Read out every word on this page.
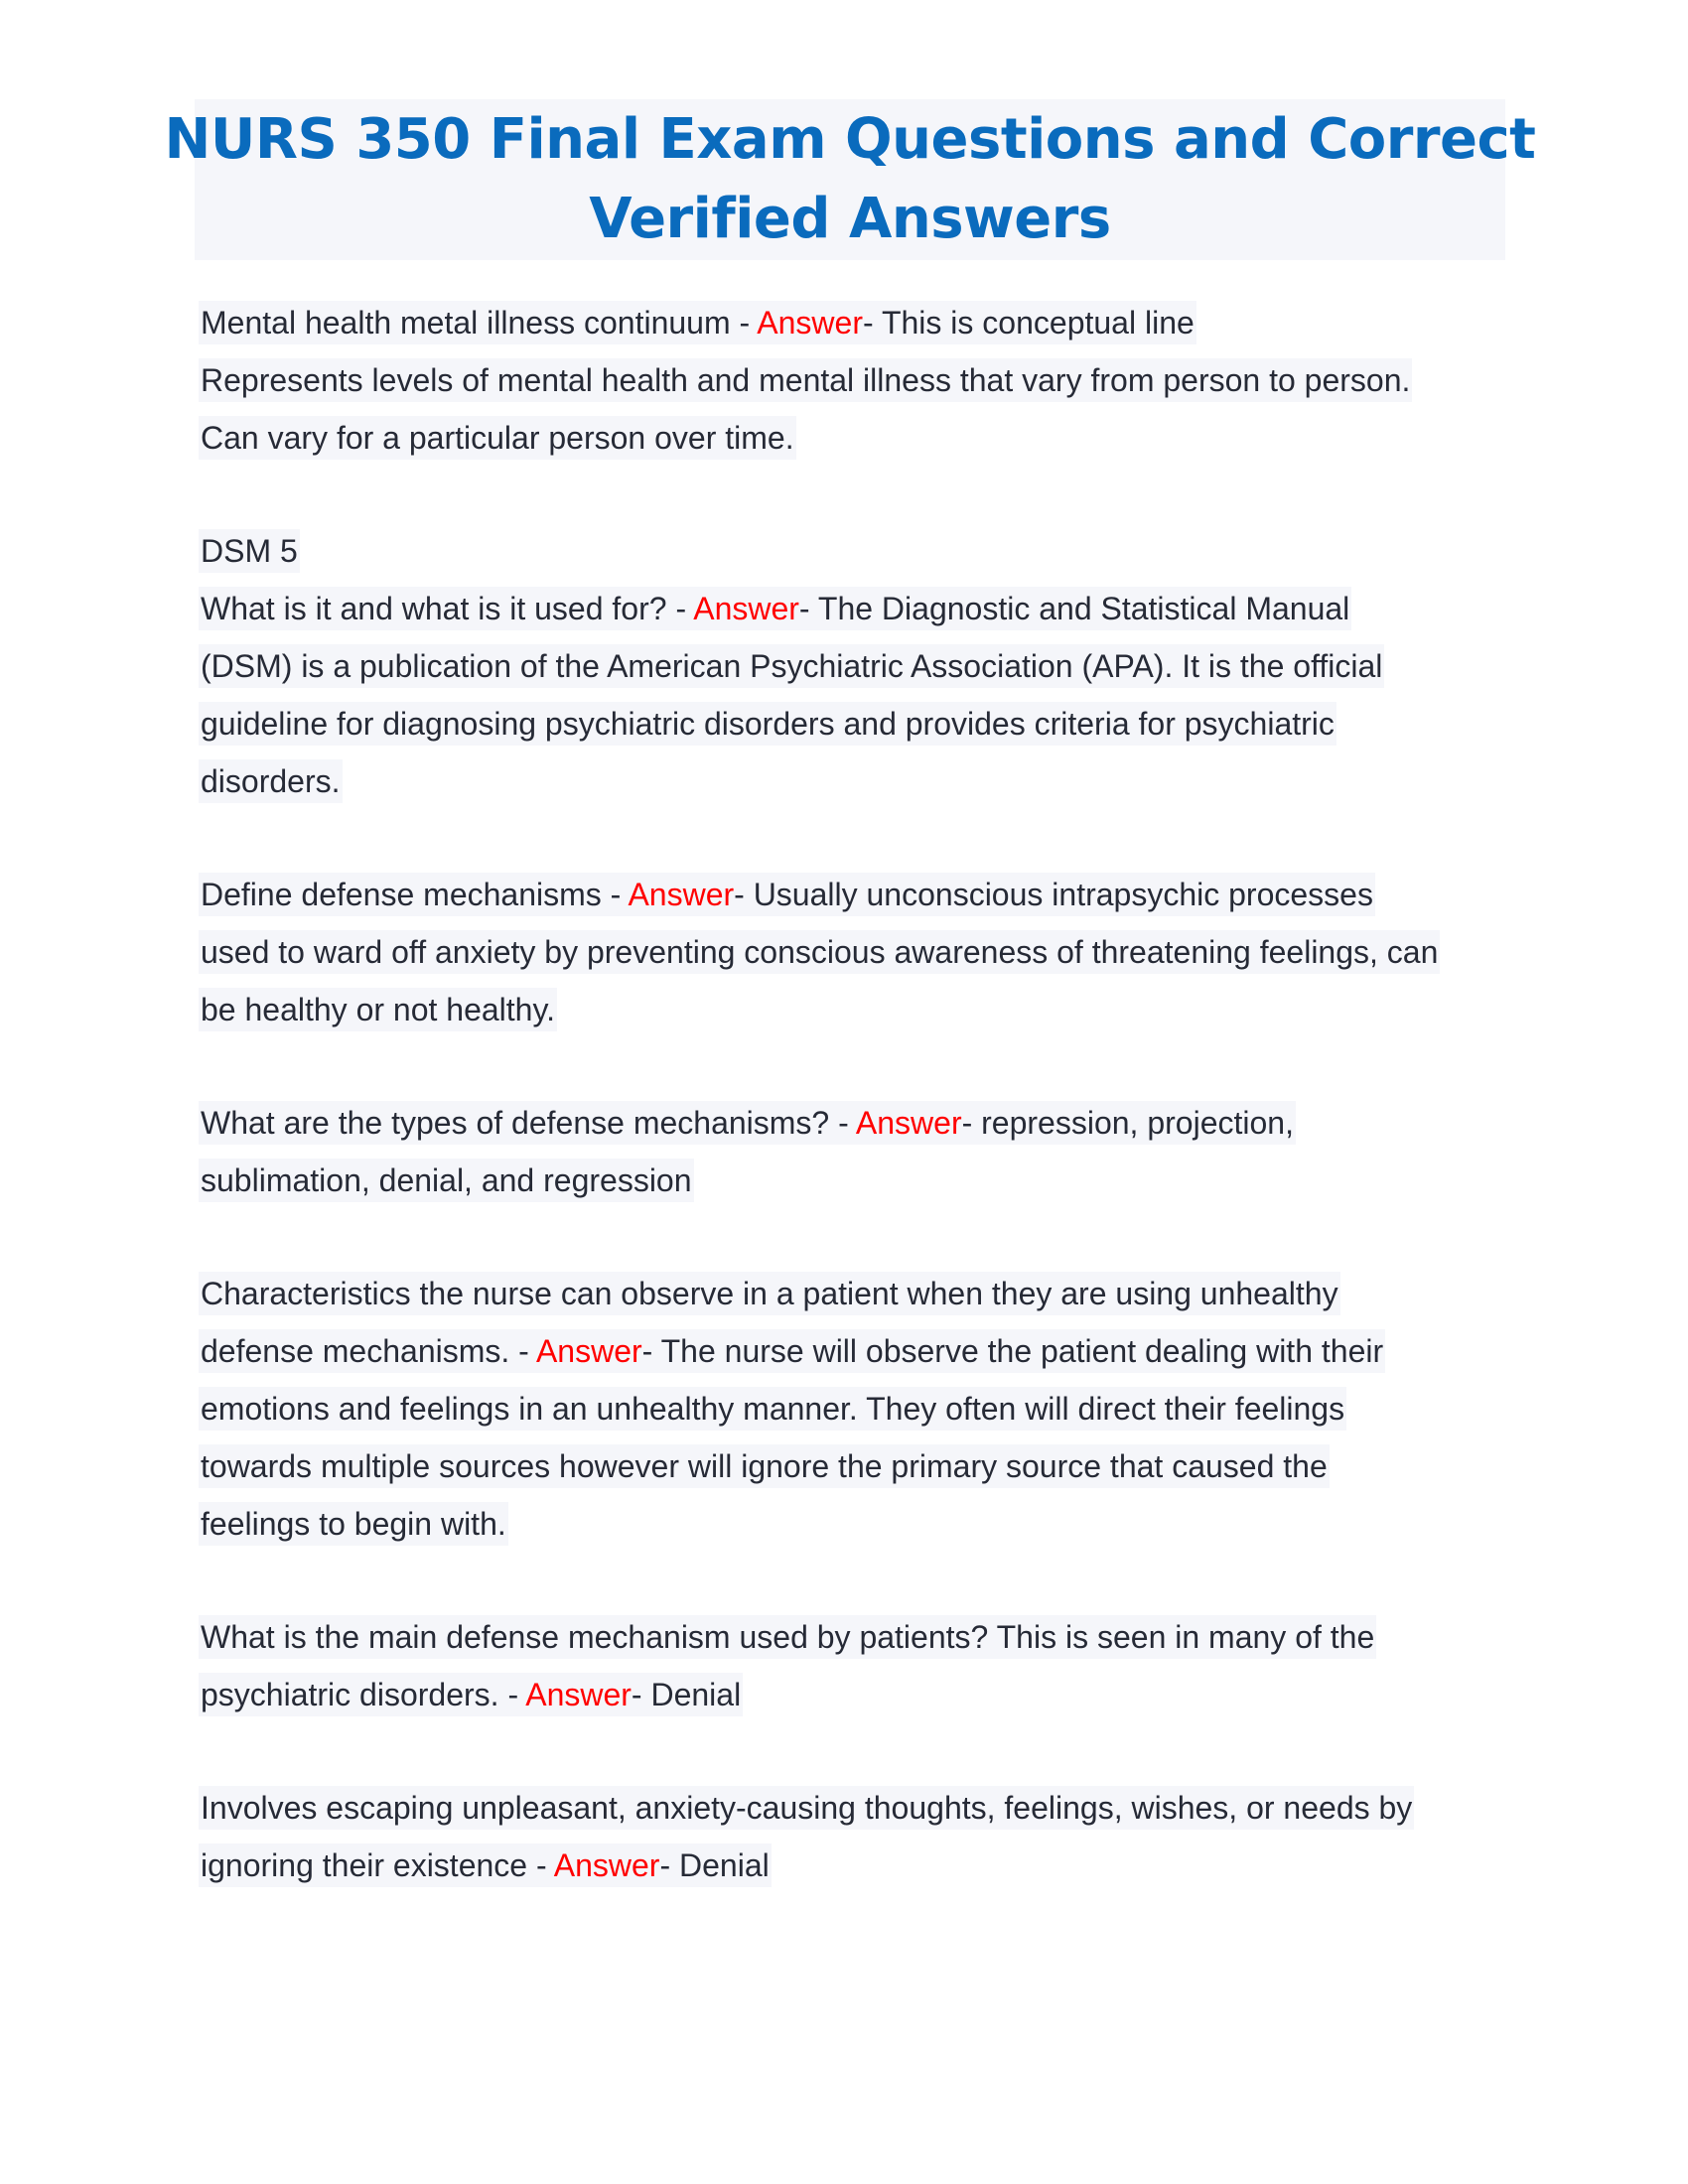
NURS 350 Final Exam Questions and Correct
Verified Answers
Mental health metal illness continuum - Answer- This is conceptual line
Represents levels of mental health and mental illness that vary from person to person.
Can vary for a particular person over time.
DSM 5
What is it and what is it used for? - Answer- The Diagnostic and Statistical Manual
(DSM) is a publication of the American Psychiatric Association (APA). It is the official
guideline for diagnosing psychiatric disorders and provides criteria for psychiatric
disorders.
Define defense mechanisms - Answer- Usually unconscious intrapsychic processes
used to ward off anxiety by preventing conscious awareness of threatening feelings, can
be healthy or not healthy.
What are the types of defense mechanisms? - Answer- repression, projection,
sublimation, denial, and regression
Characteristics the nurse can observe in a patient when they are using unhealthy
defense mechanisms. - Answer- The nurse will observe the patient dealing with their
emotions and feelings in an unhealthy manner. They often will direct their feelings
towards multiple sources however will ignore the primary source that caused the
feelings to begin with.
What is the main defense mechanism used by patients? This is seen in many of the
psychiatric disorders. - Answer- Denial
Involves escaping unpleasant, anxiety-causing thoughts, feelings, wishes, or needs by
ignoring their existence - Answer- Denial
